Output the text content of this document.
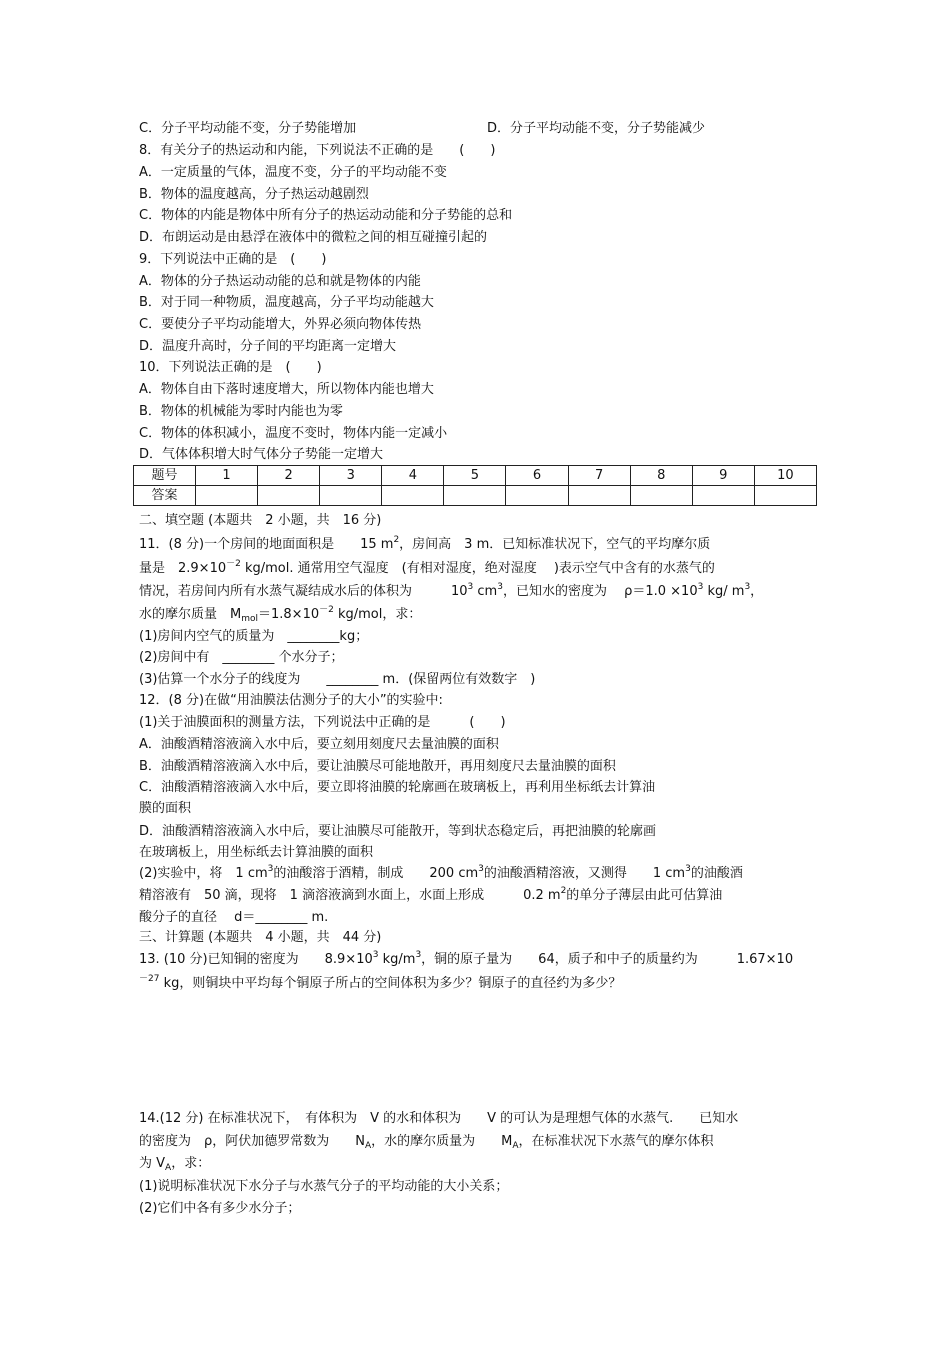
C．分子平均动能不变，分子势能增加	D．分子平均动能不变，分子势能减少
8．有关分子的热运动和内能，下列说法不正确的是　　(　　)
A．一定质量的气体，温度不变，分子的平均动能不变
B．物体的温度越高，分子热运动越剧烈
C．物体的内能是物体中所有分子的热运动动能和分子势能的总和
D．布朗运动是由悬浮在液体中的微粒之间的相互碰撞引起的
9．下列说法中正确的是　(　　)
A．物体的分子热运动动能的总和就是物体的内能
B．对于同一种物质，温度越高，分子平均动能越大
C．要使分子平均动能增大，外界必须向物体传热
D．温度升高时，分子间的平均距离一定增大
10．下列说法正确的是　(　　)
A．物体自由下落时速度增大，所以物体内能也增大
B．物体的机械能为零时内能也为零
C．物体的体积减小，温度不变时，物体内能一定减小
D．气体体积增大时气体分子势能一定增大
题号	1	2	3	4	5	6	7	8	9	10
答案										
二、填空题 (本题共　2 小题，共　16 分)
11．(8 分)一个房间的地面面积是　　15 $m^2$，房间高　3 m．已知标准状况下，空气的平均摩尔质
量是　$2.9\times 10^{-2}$ kg/mol. 通常用空气湿度　(有相对湿度，绝对湿度　 )表示空气中含有的水蒸气的
情况，若房间内所有水蒸气凝结成水后的体积为　　　$10^3$ $cm^3$，已知水的密度为　 $\rho=1.0 \times 10^3$ kg/ $m^3$，
水的摩尔质量　$M_{mol}=1.8\times 10^{-2}$ kg/mol，求：
(1)房间内空气的质量为　________kg；
(2)房间中有　________ 个水分子；
(3)估算一个水分子的线度为　　________ m．(保留两位有效数字　)
12．(8 分)在做“用油膜法估测分子的大小”的实验中:
(1)关于油膜面积的测量方法，下列说法中正确的是　　　(　　)
A．油酸酒精溶液滴入水中后，要立刻用刻度尺去量油膜的面积
B．油酸酒精溶液滴入水中后，要让油膜尽可能地散开，再用刻度尺去量油膜的面积
C．油酸酒精溶液滴入水中后，要立即将油膜的轮廓画在玻璃板上，再利用坐标纸去计算油
膜的面积
D．油酸酒精溶液滴入水中后，要让油膜尽可能散开，等到状态稳定后，再把油膜的轮廓画
在玻璃板上，用坐标纸去计算油膜的面积
(2)实验中，将　1 $cm^3$的油酸溶于酒精，制成　　200 $cm^3$的油酸酒精溶液，又测得　　1 $cm^3$的油酸酒
精溶液有　50 滴，现将　1 滴溶液滴到水面上，水面上形成　　　0.2 $m^2$的单分子薄层由此可估算油
酸分子的直径　 d＝________ m.
三、计算题 (本题共　4 小题，共　44 分)
13. (10 分)已知铜的密度为　　$8.9\times 10^3$ $kg/m^3$，铜的原子量为　　64，质子和中子的质量约为　　　1.67×10
$^{-27}$ kg，则铜块中平均每个铜原子所占的空间体积为多少？铜原子的直径约为多少？
14.(12 分) 在标准状况下，　有体积为　V 的水和体积为　　V 的可认为是理想气体的水蒸气.　　已知水
的密度为　ρ，阿伏加德罗常数为　　$N_A$，水的摩尔质量为　　$M_A$，在标准状况下水蒸气的摩尔体积
为 $V_A$，求：
(1)说明标准状况下水分子与水蒸气分子的平均动能的大小关系；
(2)它们中各有多少水分子；
